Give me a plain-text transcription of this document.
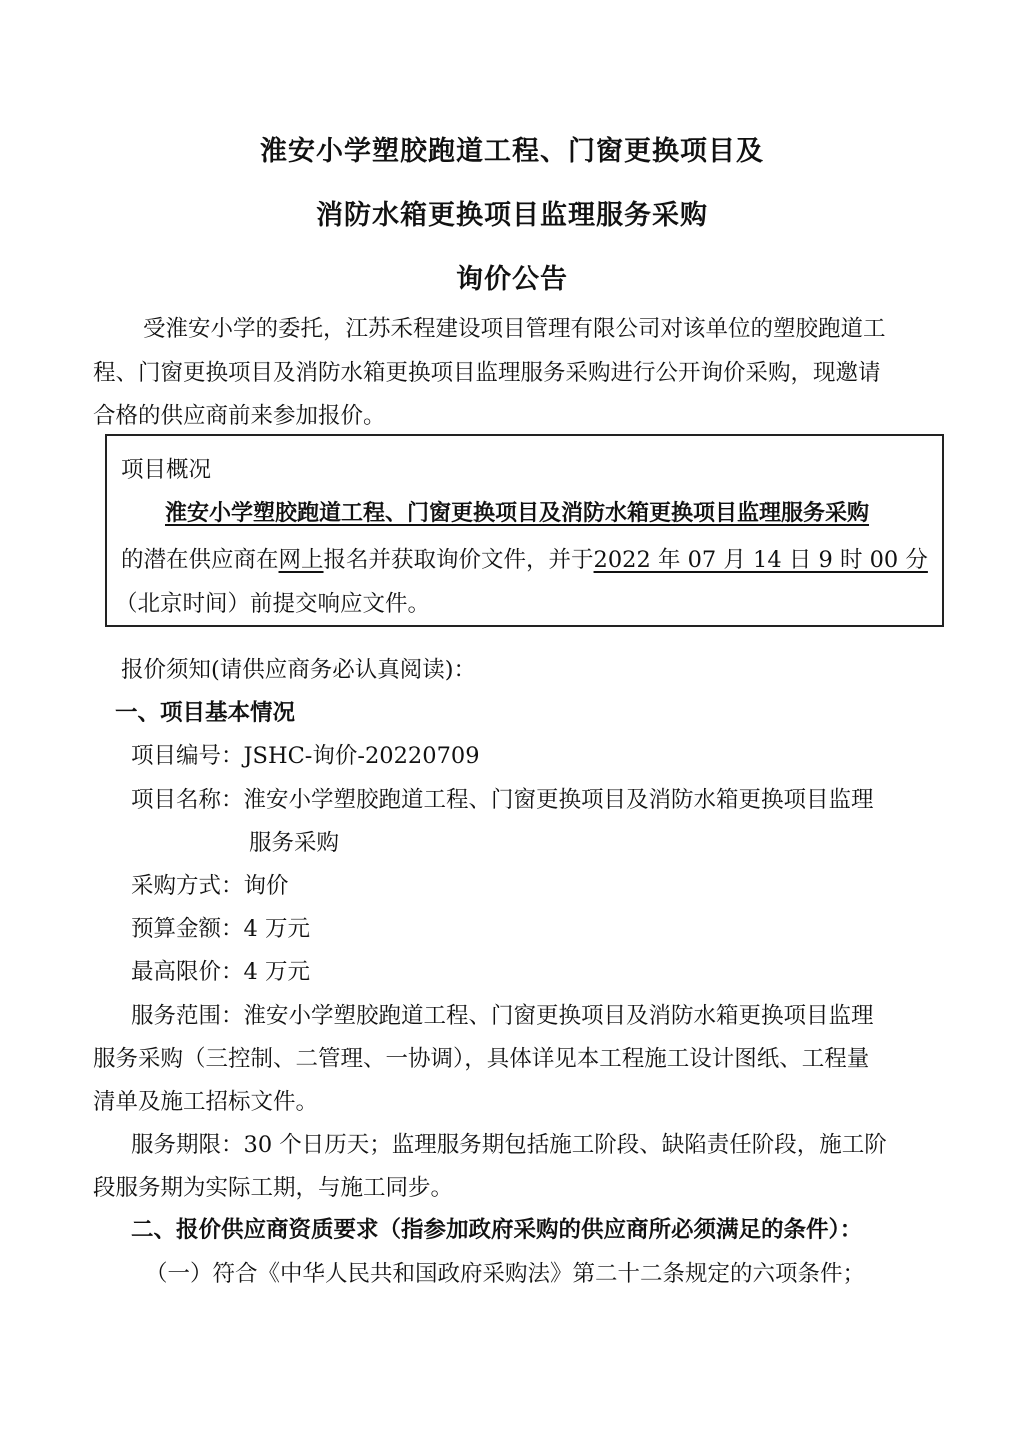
淮安小学塑胶跑道工程、门窗更换项目及
消防水箱更换项目监理服务采购
询价公告
受淮安小学的委托，江苏禾程建设项目管理有限公司对该单位的塑胶跑道工
程、门窗更换项目及消防水箱更换项目监理服务采购进行公开询价采购，现邀请
合格的供应商前来参加报价。
项目概况
淮安小学塑胶跑道工程、门窗更换项目及消防水箱更换项目监理服务采购
的潜在供应商在网上报名并获取询价文件，并于2022 年 07 月 14 日 9 时 00 分
（北京时间）前提交响应文件。
报价须知(请供应商务必认真阅读)：
一、项目基本情况
项目编号：JSHC-询价-20220709
项目名称：淮安小学塑胶跑道工程、门窗更换项目及消防水箱更换项目监理
服务采购
采购方式：询价
预算金额：4 万元
最高限价：4 万元
服务范围：淮安小学塑胶跑道工程、门窗更换项目及消防水箱更换项目监理
服务采购（三控制、二管理、一协调），具体详见本工程施工设计图纸、工程量
清单及施工招标文件。
服务期限：30 个日历天；监理服务期包括施工阶段、缺陷责任阶段，施工阶
段服务期为实际工期，与施工同步。
二、报价供应商资质要求（指参加政府采购的供应商所必须满足的条件）：
（一）符合《中华人民共和国政府采购法》第二十二条规定的六项条件；
